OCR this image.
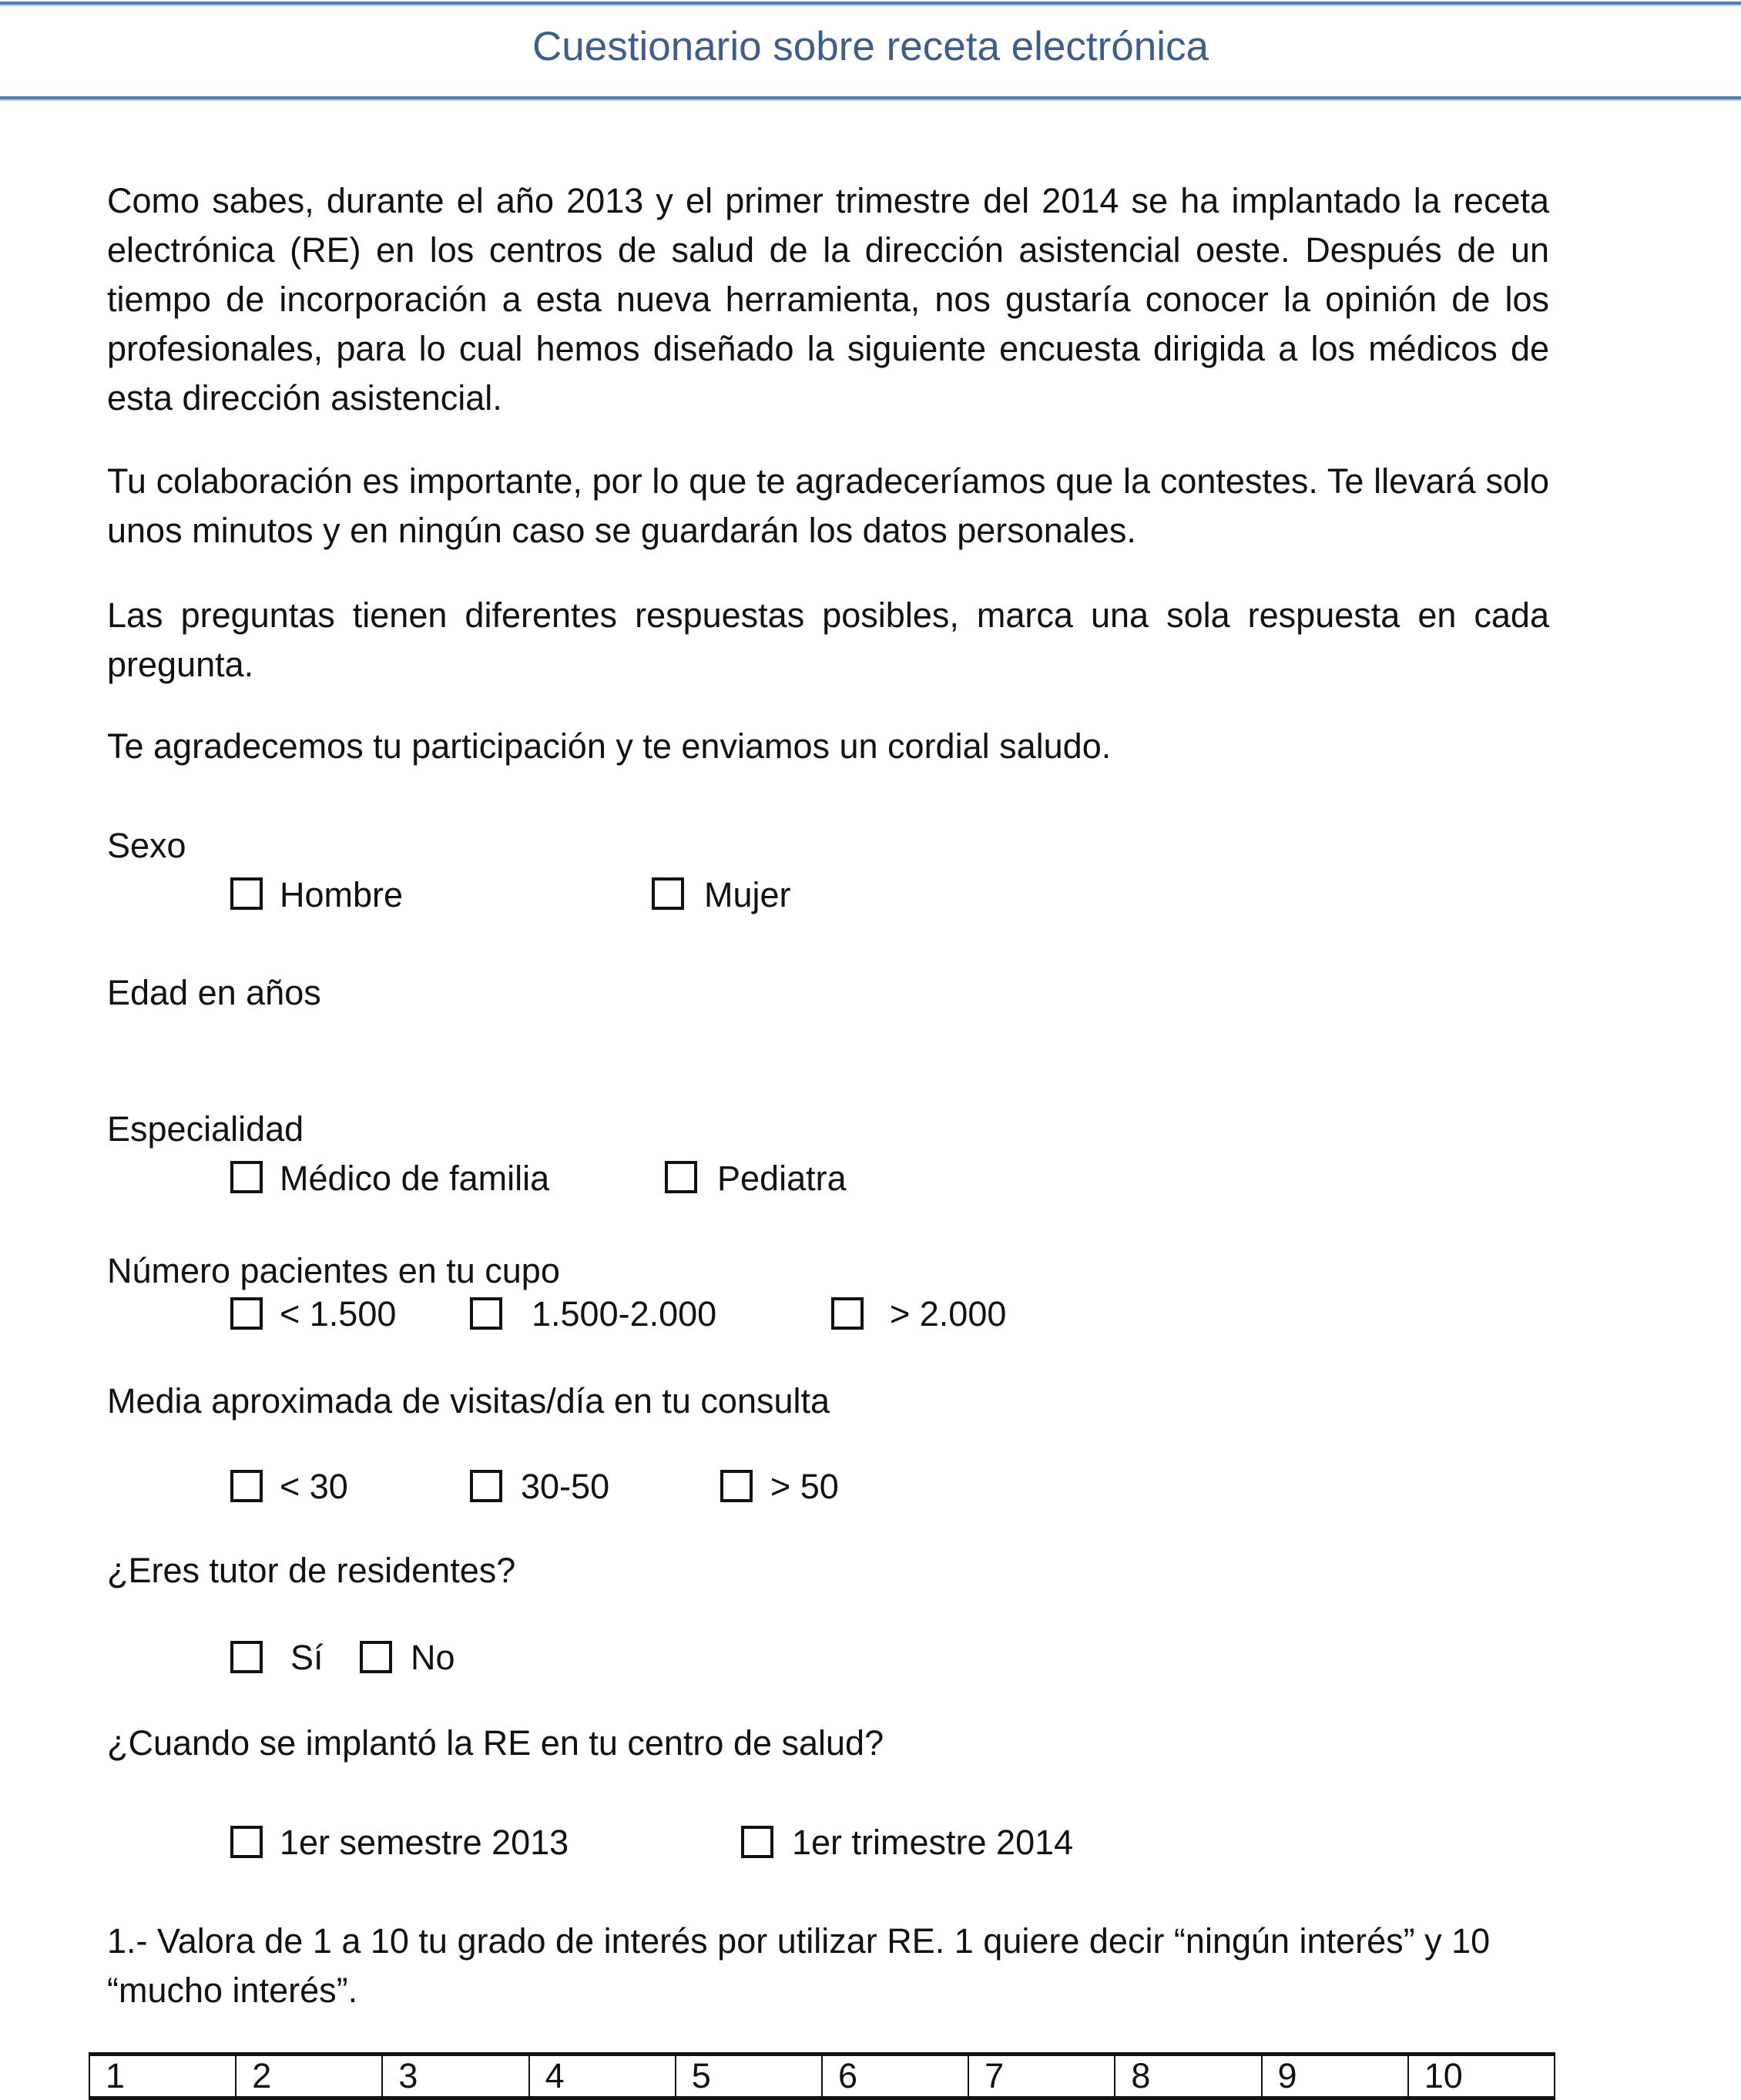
Cuestionario sobre receta electrónica

Como sabes, durante el año 2013 y el primer trimestre del 2014 se ha implantado la receta electrónica (RE) en los centros de salud de la dirección asistencial oeste. Después de un tiempo de incorporación a esta nueva herramienta, nos gustaría conocer la opinión de los profesionales, para lo cual hemos diseñado la siguiente encuesta dirigida a los médicos de esta dirección asistencial.

Tu colaboración es importante, por lo que te agradeceríamos que la contestes. Te llevará solo unos minutos y en ningún caso se guardarán los datos personales.

Las preguntas tienen diferentes respuestas posibles, marca una sola respuesta en cada pregunta.

Te agradecemos tu participación y te enviamos un cordial saludo.

Sexo
Hombre	Mujer
Edad en años
Especialidad
Médico de familia	Pediatra
Número pacientes en tu cupo
< 1.500	1.500-2.000	> 2.000
Media aproximada de visitas/día en tu consulta
< 30	30-50	> 50
¿Eres tutor de residentes?
Sí	No
¿Cuando se implantó la RE en tu centro de salud?
1er semestre 2013	1er trimestre 2014

1.- Valora de 1 a 10 tu grado de interés por utilizar RE. 1 quiere decir “ningún interés” y 10 “mucho interés”.

1	2	3	4	5	6	7	8	9	10
